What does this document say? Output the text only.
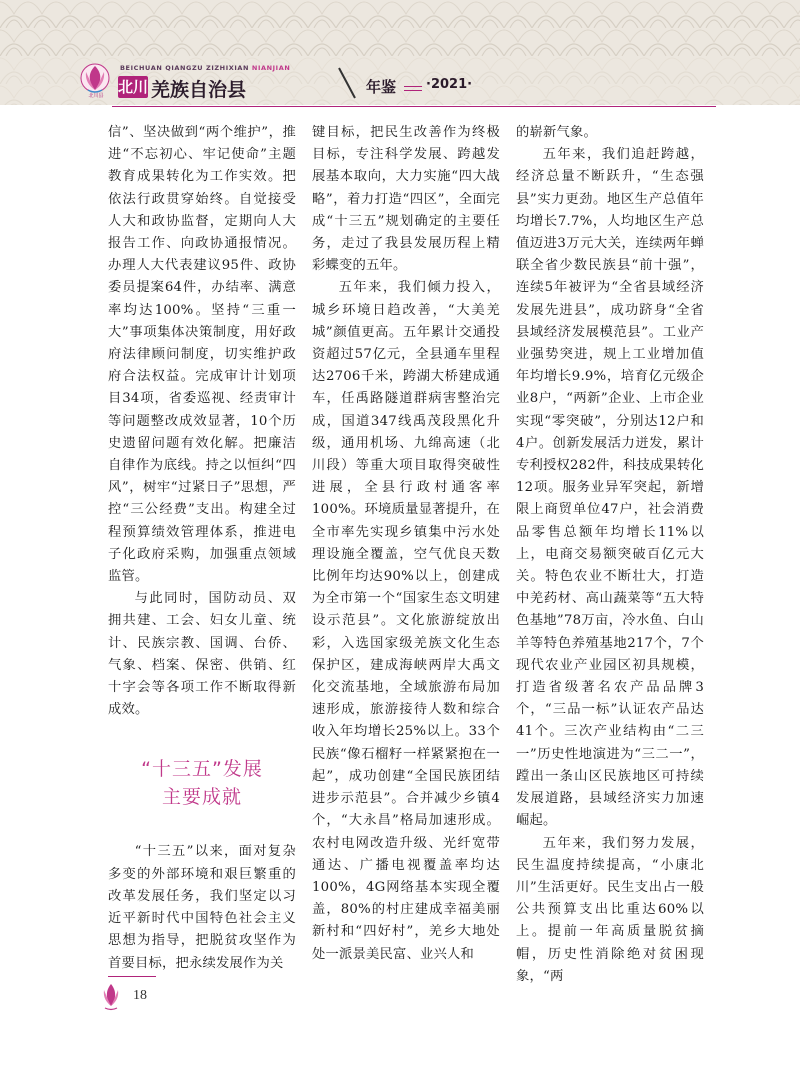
北川县
BEICHUAN QIANGZU ZIZHIXIAN NIANJIAN
北川 羌族自治县	年鉴 ·2021·

信”、坚决做到“两个维护”，推进“不忘初心、牢记使命”主题教育成果转化为工作实效。把依法行政贯穿始终。自觉接受人大和政协监督，定期向人大报告工作、向政协通报情况。办理人大代表建议95件、政协委员提案64件，办结率、满意率均达100%。坚持“三重一大”事项集体决策制度，用好政府法律顾问制度，切实维护政府合法权益。完成审计计划项目34项，省委巡视、经责审计等问题整改成效显著，10个历史遗留问题有效化解。把廉洁自律作为底线。持之以恒纠“四风”，树牢“过紧日子”思想，严控“三公经费”支出。构建全过程预算绩效管理体系，推进电子化政府采购，加强重点领域监管。

与此同时，国防动员、双拥共建、工会、妇女儿童、统计、民族宗教、国调、台侨、气象、档案、保密、供销、红十字会等各项工作不断取得新成效。

“十三五”发展
主要成就

“十三五”以来，面对复杂多变的外部环境和艰巨繁重的改革发展任务，我们坚定以习近平新时代中国特色社会主义思想为指导，把脱贫攻坚作为首要目标，把永续发展作为关

键目标，把民生改善作为终极目标，专注科学发展、跨越发展基本取向，大力实施“四大战略”，着力打造“四区”，全面完成“十三五”规划确定的主要任务，走过了我县发展历程上精彩蝶变的五年。

五年来，我们倾力投入，城乡环境日趋改善，“大美羌城”颜值更高。五年累计交通投资超过57亿元，全县通车里程达2706千米，跨湖大桥建成通车，任禹路隧道群病害整治完成，国道347线禹茂段黑化升级，通用机场、九绵高速（北川段）等重大项目取得突破性进展，全县行政村通客率100%。环境质量显著提升，在全市率先实现乡镇集中污水处理设施全覆盖，空气优良天数比例年均达90%以上，创建成为全市第一个“国家生态文明建设示范县”。文化旅游绽放出彩，入选国家级羌族文化生态保护区，建成海峡两岸大禹文化交流基地，全域旅游布局加速形成，旅游接待人数和综合收入年均增长25%以上。33个民族“像石榴籽一样紧紧抱在一起”，成功创建“全国民族团结进步示范县”。合并减少乡镇4个，“大永昌”格局加速形成。农村电网改造升级、光纤宽带通达、广播电视覆盖率均达100%，4G网络基本实现全覆盖，80%的村庄建成幸福美丽新村和“四好村”，羌乡大地处处一派景美民富、业兴人和

的崭新气象。

五年来，我们追赶跨越，经济总量不断跃升，“生态强县”实力更劲。地区生产总值年均增长7.7%，人均地区生产总值迈进3万元大关，连续两年蝉联全省少数民族县“前十强”，连续5年被评为“全省县域经济发展先进县”，成功跻身“全省县域经济发展模范县”。工业产业强势突进，规上工业增加值年均增长9.9%，培育亿元级企业8户，“两新”企业、上市企业实现“零突破”，分别达12户和4户。创新发展活力迸发，累计专利授权282件，科技成果转化12项。服务业异军突起，新增限上商贸单位47户，社会消费品零售总额年均增长11%以上，电商交易额突破百亿元大关。特色农业不断壮大，打造中羌药材、高山蔬菜等“五大特色基地”78万亩，冷水鱼、白山羊等特色养殖基地217个，7个现代农业产业园区初具规模，打造省级著名农产品品牌3个，“三品一标”认证农产品达41个。三次产业结构由“二三一”历史性地演进为“三二一”，蹚出一条山区民族地区可持续发展道路，县域经济实力加速崛起。

五年来，我们努力发展，民生温度持续提高，“小康北川”生活更好。民生支出占一般公共预算支出比重达60%以上。提前一年高质量脱贫摘帽，历史性消除绝对贫困现象，“两

18
